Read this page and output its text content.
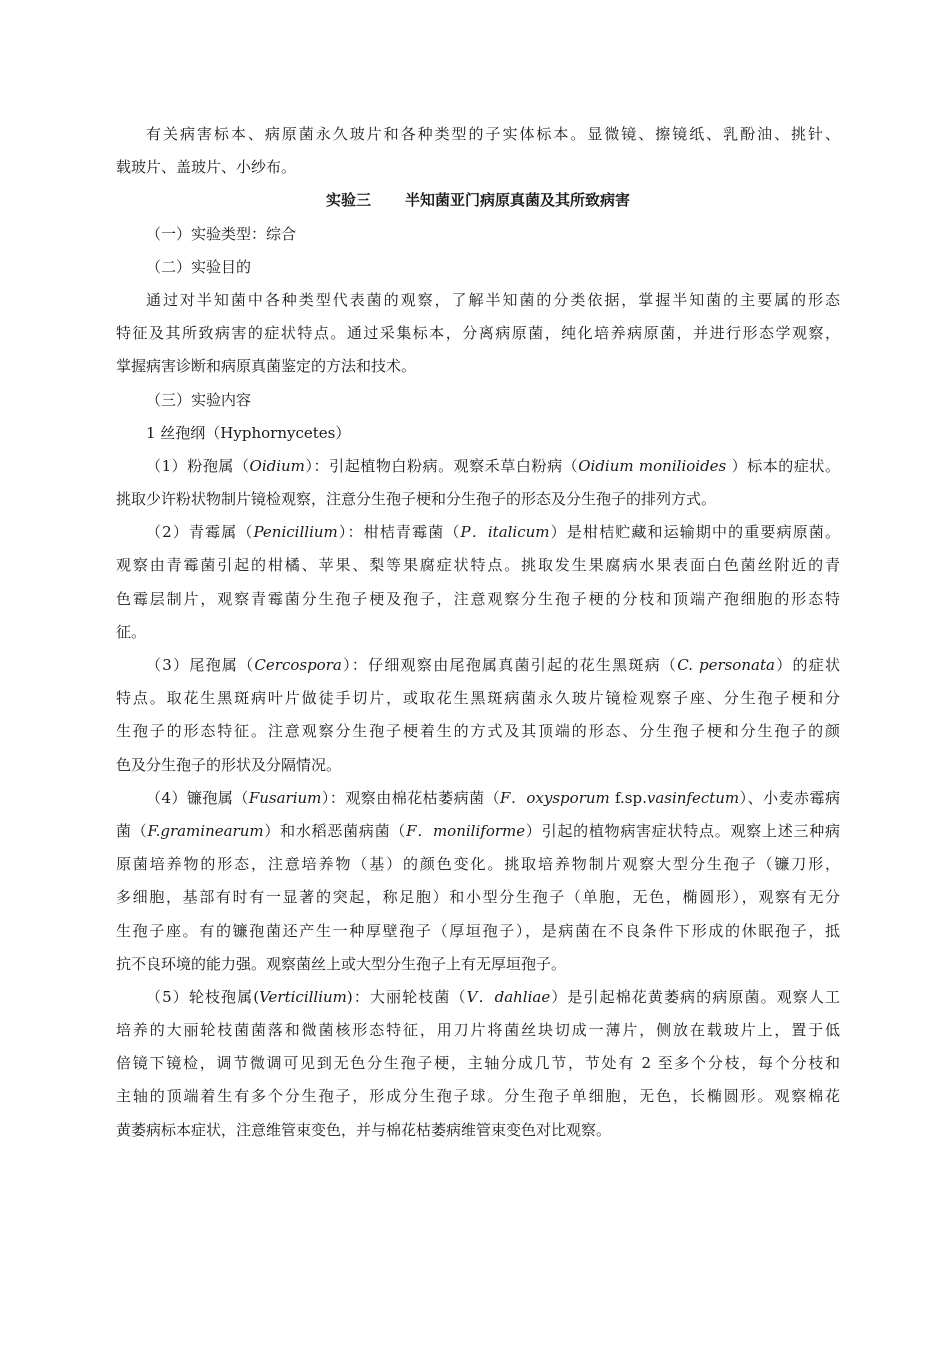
有关病害标本、病原菌永久玻片和各种类型的子实体标本。显微镜、擦镜纸、乳酚油、挑针、
载玻片、盖玻片、小纱布。
实验三 半知菌亚门病原真菌及其所致病害
（一）实验类型：综合
（二）实验目的
通过对半知菌中各种类型代表菌的观察，了解半知菌的分类依据，掌握半知菌的主要属的形态
特征及其所致病害的症状特点。通过采集标本，分离病原菌，纯化培养病原菌，并进行形态学观察，
掌握病害诊断和病原真菌鉴定的方法和技术。
（三）实验内容
1 丝孢纲（Hyphornycetes）
（1）粉孢属（Oidium）：引起植物白粉病。观察禾草白粉病（Oidium monilioides ）标本的症状。
挑取少许粉状物制片镜检观察，注意分生孢子梗和分生孢子的形态及分生孢子的排列方式。
（2）青霉属（Penicillium）：柑桔青霉菌（P．italicum）是柑桔贮藏和运输期中的重要病原菌。
观察由青霉菌引起的柑橘、苹果、梨等果腐症状特点。挑取发生果腐病水果表面白色菌丝附近的青
色霉层制片，观察青霉菌分生孢子梗及孢子，注意观察分生孢子梗的分枝和顶端产孢细胞的形态特
征。
（3）尾孢属（Cercospora）：仔细观察由尾孢属真菌引起的花生黑斑病（C. personata）的症状
特点。取花生黑斑病叶片做徒手切片，或取花生黑斑病菌永久玻片镜检观察子座、分生孢子梗和分
生孢子的形态特征。注意观察分生孢子梗着生的方式及其顶端的形态、分生孢子梗和分生孢子的颜
色及分生孢子的形状及分隔情况。
（4）镰孢属（Fusarium）：观察由棉花枯萎病菌（F．oxysporum f.sp.vasinfectum）、小麦赤霉病
菌（F.graminearum）和水稻恶菌病菌（F．moniliforme）引起的植物病害症状特点。观察上述三种病
原菌培养物的形态，注意培养物（基）的颜色变化。挑取培养物制片观察大型分生孢子（镰刀形，
多细胞，基部有时有一显著的突起，称足胞）和小型分生孢子（单胞，无色，椭圆形），观察有无分
生孢子座。有的镰孢菌还产生一种厚壁孢子（厚垣孢子），是病菌在不良条件下形成的休眠孢子，抵
抗不良环境的能力强。观察菌丝上或大型分生孢子上有无厚垣孢子。
（5）轮枝孢属(Verticillium)：大丽轮枝菌（V．dahliae）是引起棉花黄萎病的病原菌。观察人工
培养的大丽轮枝菌菌落和微菌核形态特征，用刀片将菌丝块切成一薄片，侧放在载玻片上，置于低
倍镜下镜检，调节微调可见到无色分生孢子梗，主轴分成几节，节处有 2 至多个分枝，每个分枝和
主轴的顶端着生有多个分生孢子，形成分生孢子球。分生孢子单细胞，无色，长椭圆形。观察棉花
黄萎病标本症状，注意维管束变色，并与棉花枯萎病维管束变色对比观察。
